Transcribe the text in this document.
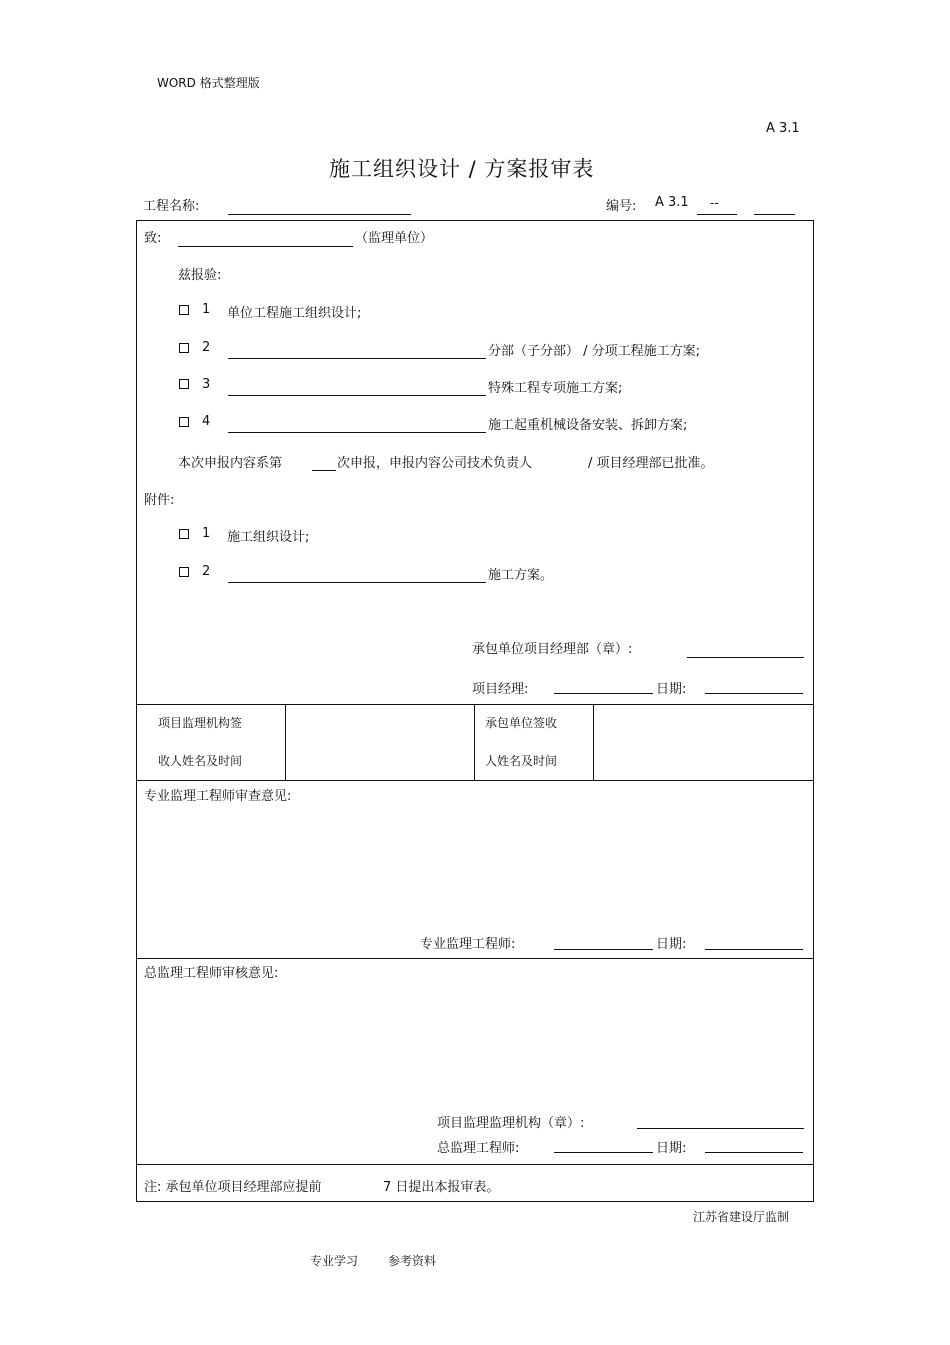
WORD 格式整理版
A 3.1
施工组织设计 / 方案报审表
工程名称:	编号: A 3.1 --
致:	（监理单位）
兹报验:
1 单位工程施工组织设计;
2	分部（子分部） / 分项工程施工方案;
3	特殊工程专项施工方案;
4	施工起重机械设备安装、拆卸方案;
本次申报内容系第	次申报，申报内容公司技术负责人	/ 项目经理部已批准。
附件:
1 施工组织设计;
2	施工方案。
承包单位项目经理部（章）:
项目经理:	日期:
项目监理机构签
收人姓名及时间
承包单位签收
人姓名及时间
专业监理工程师审查意见:
专业监理工程师:	日期:
总监理工程师审核意见:
项目监理监理机构（章）:
总监理工程师:	日期:
注: 承包单位项目经理部应提前	7 日提出本报审表。
江苏省建设厅监制
专业学习 参考资料
